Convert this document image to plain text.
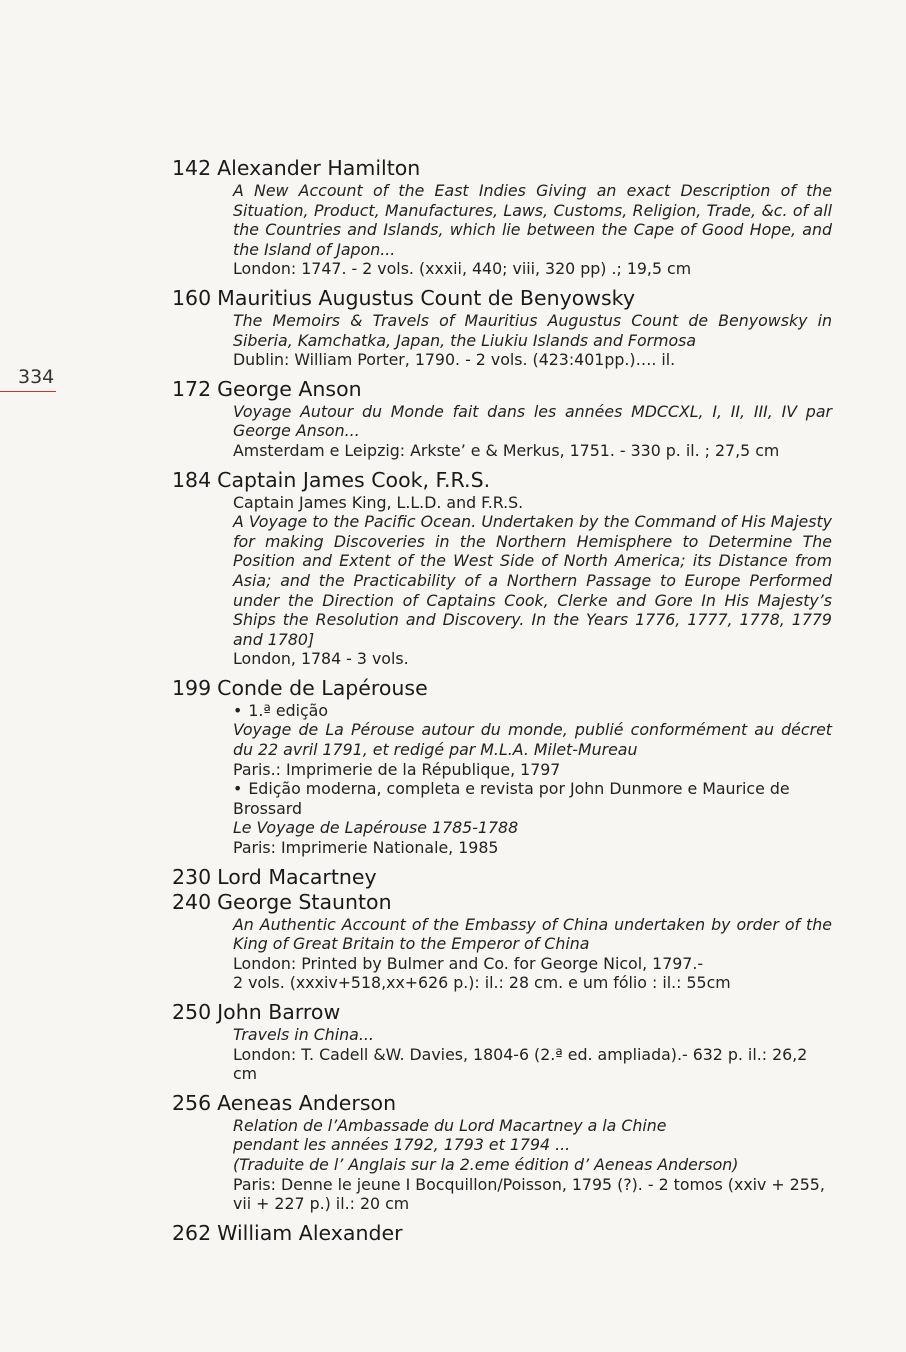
334
142 Alexander Hamilton
A New Account of the East Indies Giving an exact Description of the Situation, Product, Manufactures, Laws, Customs, Religion, Trade, &c. of all the Countries and Islands, which lie between the Cape of Good Hope, and the Island of Japon...
London: 1747. - 2 vols. (xxxii, 440; viii, 320 pp) .; 19,5 cm
160 Mauritius Augustus Count de Benyowsky
The Memoirs & Travels of Mauritius Augustus Count de Benyowsky in Siberia, Kamchatka, Japan, the Liukiu Islands and Formosa
Dublin: William Porter, 1790. - 2 vols. (423:401pp.)…. il.
172 George Anson
Voyage Autour du Monde fait dans les années MDCCXL, I, II, III, IV par George Anson...
Amsterdam e Leipzig: Arkste’ e & Merkus, 1751. - 330 p. il. ; 27,5 cm
184 Captain James Cook, F.R.S.
Captain James King, L.L.D. and F.R.S.
A Voyage to the Pacific Ocean. Undertaken by the Command of His Majesty for making Discoveries in the Northern Hemisphere to Determine The Position and Extent of the West Side of North America; its Distance from Asia; and the Practicability of a Northern Passage to Europe Performed under the Direction of Captains Cook, Clerke and Gore In His Majesty’s Ships the Resolution and Discovery. In the Years 1776, 1777, 1778, 1779 and 1780]
London, 1784 - 3 vols.
199 Conde de Lapérouse
• 1.ª edição
Voyage de La Pérouse autour du monde, publié conformément au décret du 22 avril 1791, et redigé par M.L.A. Milet-Mureau
Paris.: Imprimerie de la République, 1797
• Edição moderna, completa e revista por John Dunmore e Maurice de Brossard
Le Voyage de Lapérouse 1785-1788
Paris: Imprimerie Nationale, 1985
230 Lord Macartney
240 George Staunton
An Authentic Account of the Embassy of China undertaken by order of the King of Great Britain to the Emperor of China
London: Printed by Bulmer and Co. for George Nicol, 1797.-
2 vols. (xxxiv+518,xx+626 p.): il.: 28 cm. e um fólio : il.: 55cm
250 John Barrow
Travels in China...
London: T. Cadell &W. Davies, 1804-6 (2.ª ed. ampliada).- 632 p. il.: 26,2 cm
256 Aeneas Anderson
Relation de l’Ambassade du Lord Macartney a la Chine
pendant les années 1792, 1793 et 1794 ...
(Traduite de l’ Anglais sur la 2.eme édition d’ Aeneas Anderson)
Paris: Denne le jeune I Bocquillon/Poisson, 1795 (?). - 2 tomos (xxiv + 255, vii + 227 p.) il.: 20 cm
262 William Alexander
